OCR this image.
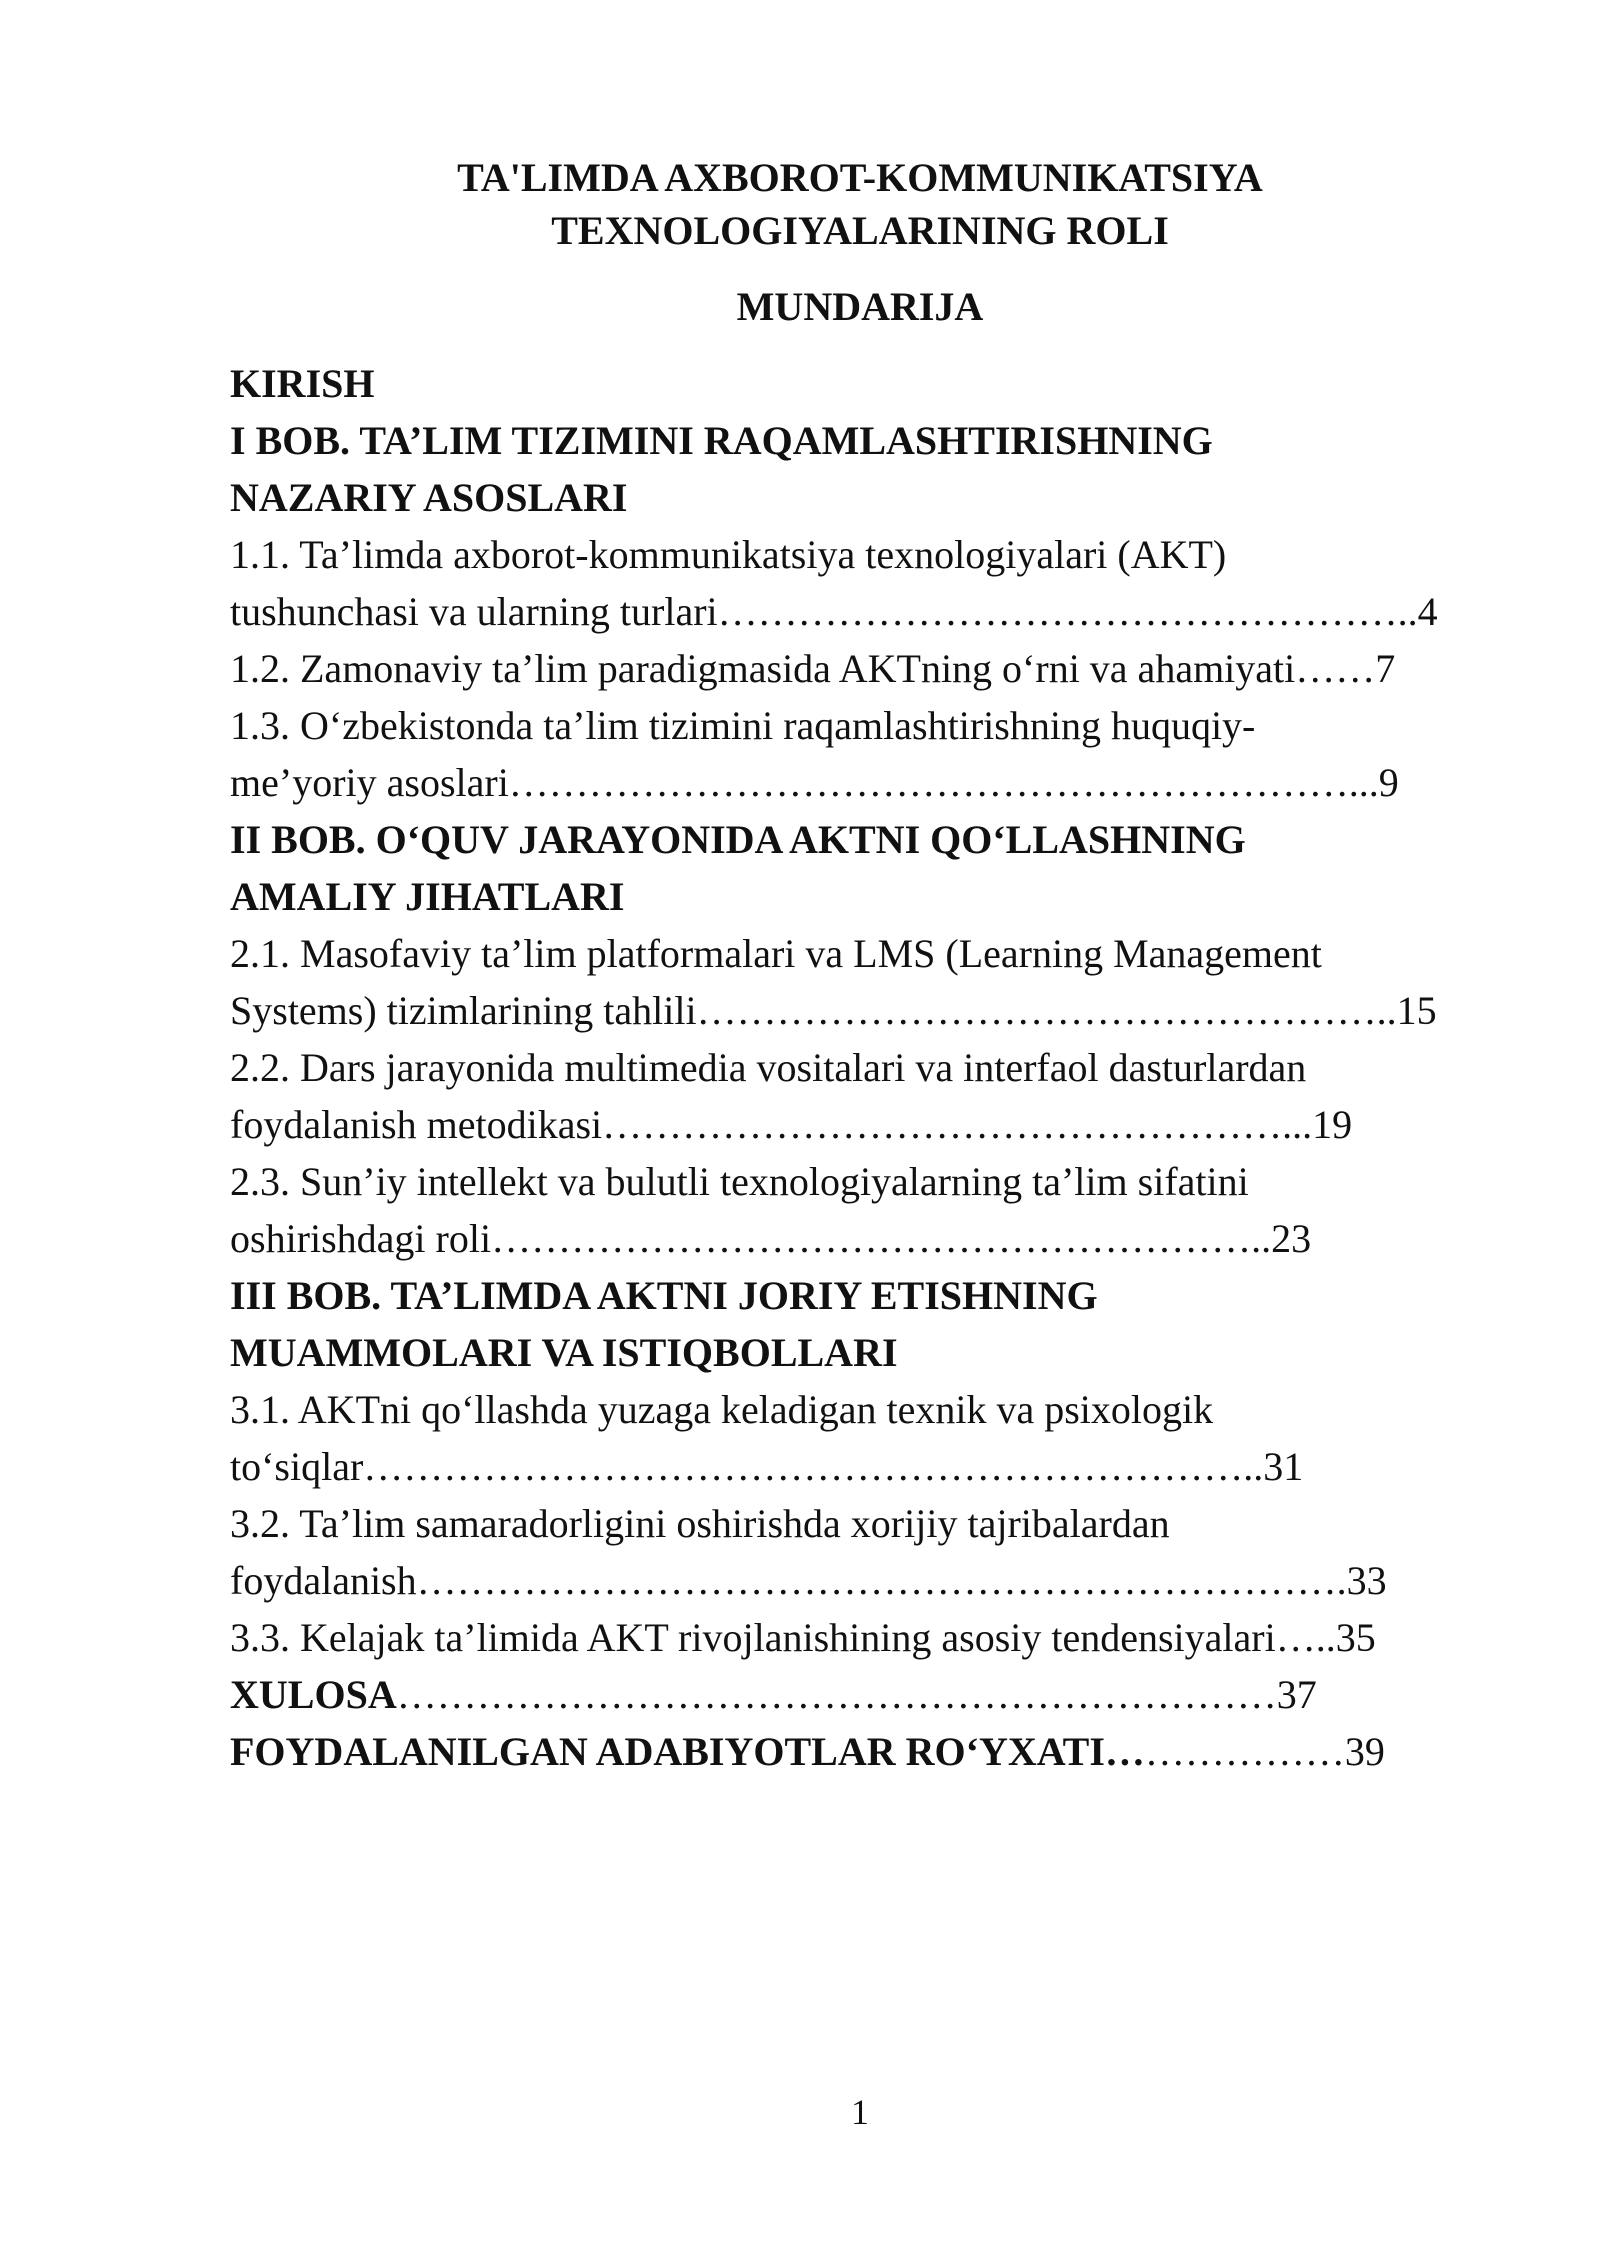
TA'LIMDA AXBOROT-KOMMUNIKATSIYA
TEXNOLOGIYALARINING ROLI
MUNDARIJA
KIRISH
I BOB. TA’LIM TIZIMINI RAQAMLASHTIRISHNING
NAZARIY ASOSLARI
1.1. Ta’limda axborot-kommunikatsiya texnologiyalari (AKT)
tushunchasi va ularning turlari……………………………………………..4
1.2. Zamonaviy ta’lim paradigmasida AKTning o‘rni va ahamiyati……7
1.3. O‘zbekistonda ta’lim tizimini raqamlashtirishning huquqiy-
me’yoriy asoslari………………………………………………………...9
II BOB. O‘QUV JARAYONIDA AKTNI QO‘LLASHNING
AMALIY JIHATLARI
2.1. Masofaviy ta’lim platformalari va LMS (Learning Management
Systems) tizimlarining tahlili……………………………………………..15
2.2. Dars jarayonida multimedia vositalari va interfaol dasturlardan
foydalanish metodikasi……………………………………………...19
2.3. Sun’iy intellekt va bulutli texnologiyalarning ta’lim sifatini
oshirishdagi roli…………………………………………………..23
III BOB. TA’LIMDA AKTNI JORIY ETISHNING
MUAMMOLARI VA ISTIQBOLLARI
3.1. AKTni qo‘llashda yuzaga keladigan texnik va psixologik
to‘siqlar…………………………………………………………..31
3.2. Ta’lim samaradorligini oshirishda xorijiy tajribalardan
foydalanish…………………………………………………………….33
3.3. Kelajak ta’limida AKT rivojlanishining asosiy tendensiyalari…..35
XULOSA…………………………………………………………37
FOYDALANILGAN ADABIYOTLAR RO‘YXATI………………39
1
